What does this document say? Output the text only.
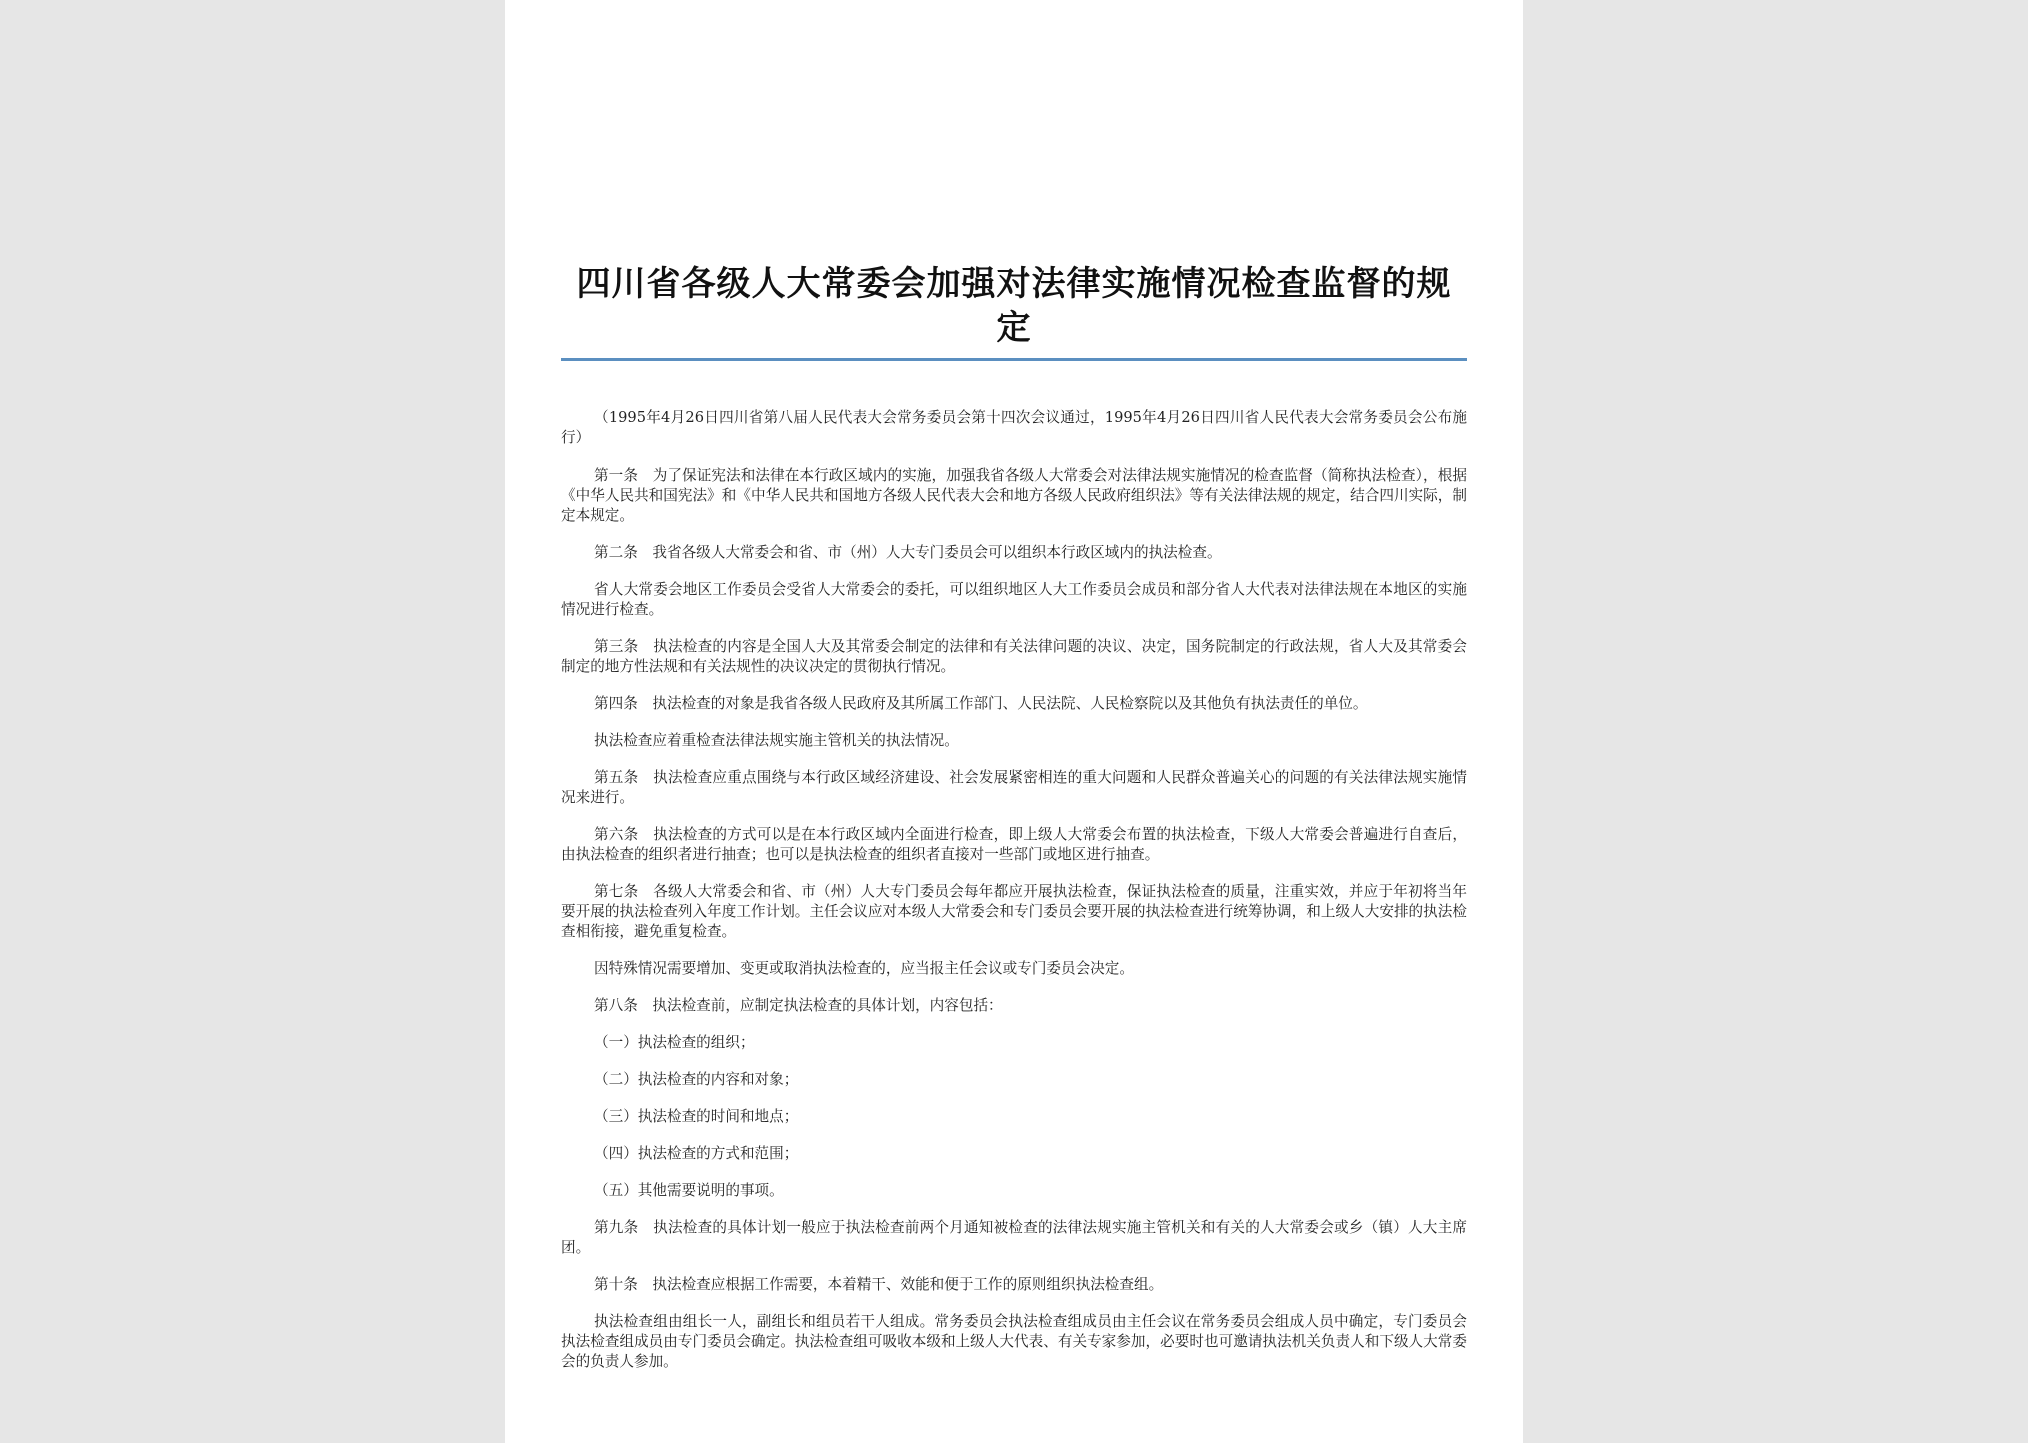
四川省各级人大常委会加强对法律实施情况检查监督的规定

（1995年4月26日四川省第八届人民代表大会常务委员会第十四次会议通过，1995年4月26日四川省人民代表大会常务委员会公布施行）

第一条　为了保证宪法和法律在本行政区域内的实施，加强我省各级人大常委会对法律法规实施情况的检查监督（简称执法检查），根据《中华人民共和国宪法》和《中华人民共和国地方各级人民代表大会和地方各级人民政府组织法》等有关法律法规的规定，结合四川实际，制定本规定。

第二条　我省各级人大常委会和省、市（州）人大专门委员会可以组织本行政区域内的执法检查。

省人大常委会地区工作委员会受省人大常委会的委托，可以组织地区人大工作委员会成员和部分省人大代表对法律法规在本地区的实施情况进行检查。

第三条　执法检查的内容是全国人大及其常委会制定的法律和有关法律问题的决议、决定，国务院制定的行政法规，省人大及其常委会制定的地方性法规和有关法规性的决议决定的贯彻执行情况。

第四条　执法检查的对象是我省各级人民政府及其所属工作部门、人民法院、人民检察院以及其他负有执法责任的单位。

执法检查应着重检查法律法规实施主管机关的执法情况。

第五条　执法检查应重点围绕与本行政区域经济建设、社会发展紧密相连的重大问题和人民群众普遍关心的问题的有关法律法规实施情况来进行。

第六条　执法检查的方式可以是在本行政区域内全面进行检查，即上级人大常委会布置的执法检查，下级人大常委会普遍进行自查后，由执法检查的组织者进行抽查；也可以是执法检查的组织者直接对一些部门或地区进行抽查。

第七条　各级人大常委会和省、市（州）人大专门委员会每年都应开展执法检查，保证执法检查的质量，注重实效，并应于年初将当年要开展的执法检查列入年度工作计划。主任会议应对本级人大常委会和专门委员会要开展的执法检查进行统筹协调，和上级人大安排的执法检查相衔接，避免重复检查。

因特殊情况需要增加、变更或取消执法检查的，应当报主任会议或专门委员会决定。

第八条　执法检查前，应制定执法检查的具体计划，内容包括：

（一）执法检查的组织；

（二）执法检查的内容和对象；

（三）执法检查的时间和地点；

（四）执法检查的方式和范围；

（五）其他需要说明的事项。

第九条　执法检查的具体计划一般应于执法检查前两个月通知被检查的法律法规实施主管机关和有关的人大常委会或乡（镇）人大主席团。

第十条　执法检查应根据工作需要，本着精干、效能和便于工作的原则组织执法检查组。

执法检查组由组长一人，副组长和组员若干人组成。常务委员会执法检查组成员由主任会议在常务委员会组成人员中确定，专门委员会执法检查组成员由专门委员会确定。执法检查组可吸收本级和上级人大代表、有关专家参加，必要时也可邀请执法机关负责人和下级人大常委会的负责人参加。
